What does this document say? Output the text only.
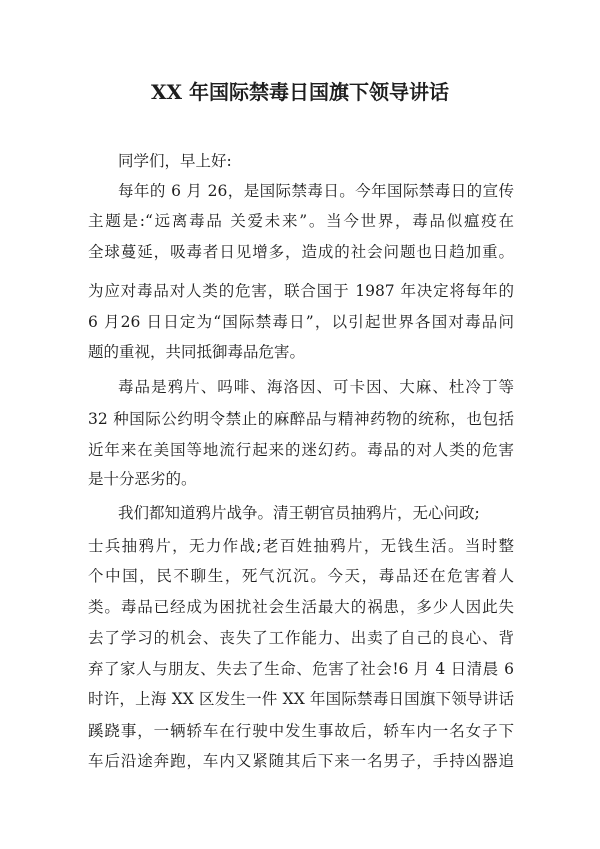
XX 年国际禁毒日国旗下领导讲话
同学们，早上好:
每年的 6 月 26，是国际禁毒日。今年国际禁毒日的宣传
主题是:“远离毒品 关爱未来”。当今世界，毒品似瘟疫在
全球蔓延，吸毒者日见增多，造成的社会问题也日趋加重。
为应对毒品对人类的危害，联合国于 1987 年决定将每年的
6 月26 日日定为“国际禁毒日”，以引起世界各国对毒品问
题的重视，共同抵御毒品危害。
毒品是鸦片、吗啡、海洛因、可卡因、大麻、杜冷丁等
32 种国际公约明令禁止的麻醉品与精神药物的统称，也包括
近年来在美国等地流行起来的迷幻药。毒品的对人类的危害
是十分恶劣的。
我们都知道鸦片战争。清王朝官员抽鸦片，无心问政;
士兵抽鸦片，无力作战;老百姓抽鸦片，无钱生活。当时整
个中国，民不聊生，死气沉沉。今天，毒品还在危害着人
类。毒品已经成为困扰社会生活最大的祸患，多少人因此失
去了学习的机会、丧失了工作能力、出卖了自己的良心、背
弃了家人与朋友、失去了生命、危害了社会!6 月 4 日清晨 6
时许，上海 XX 区发生一件 XX 年国际禁毒日国旗下领导讲话
蹊跷事，一辆轿车在行驶中发生事故后，轿车内一名女子下
车后沿途奔跑，车内又紧随其后下来一名男子，手持凶器追
